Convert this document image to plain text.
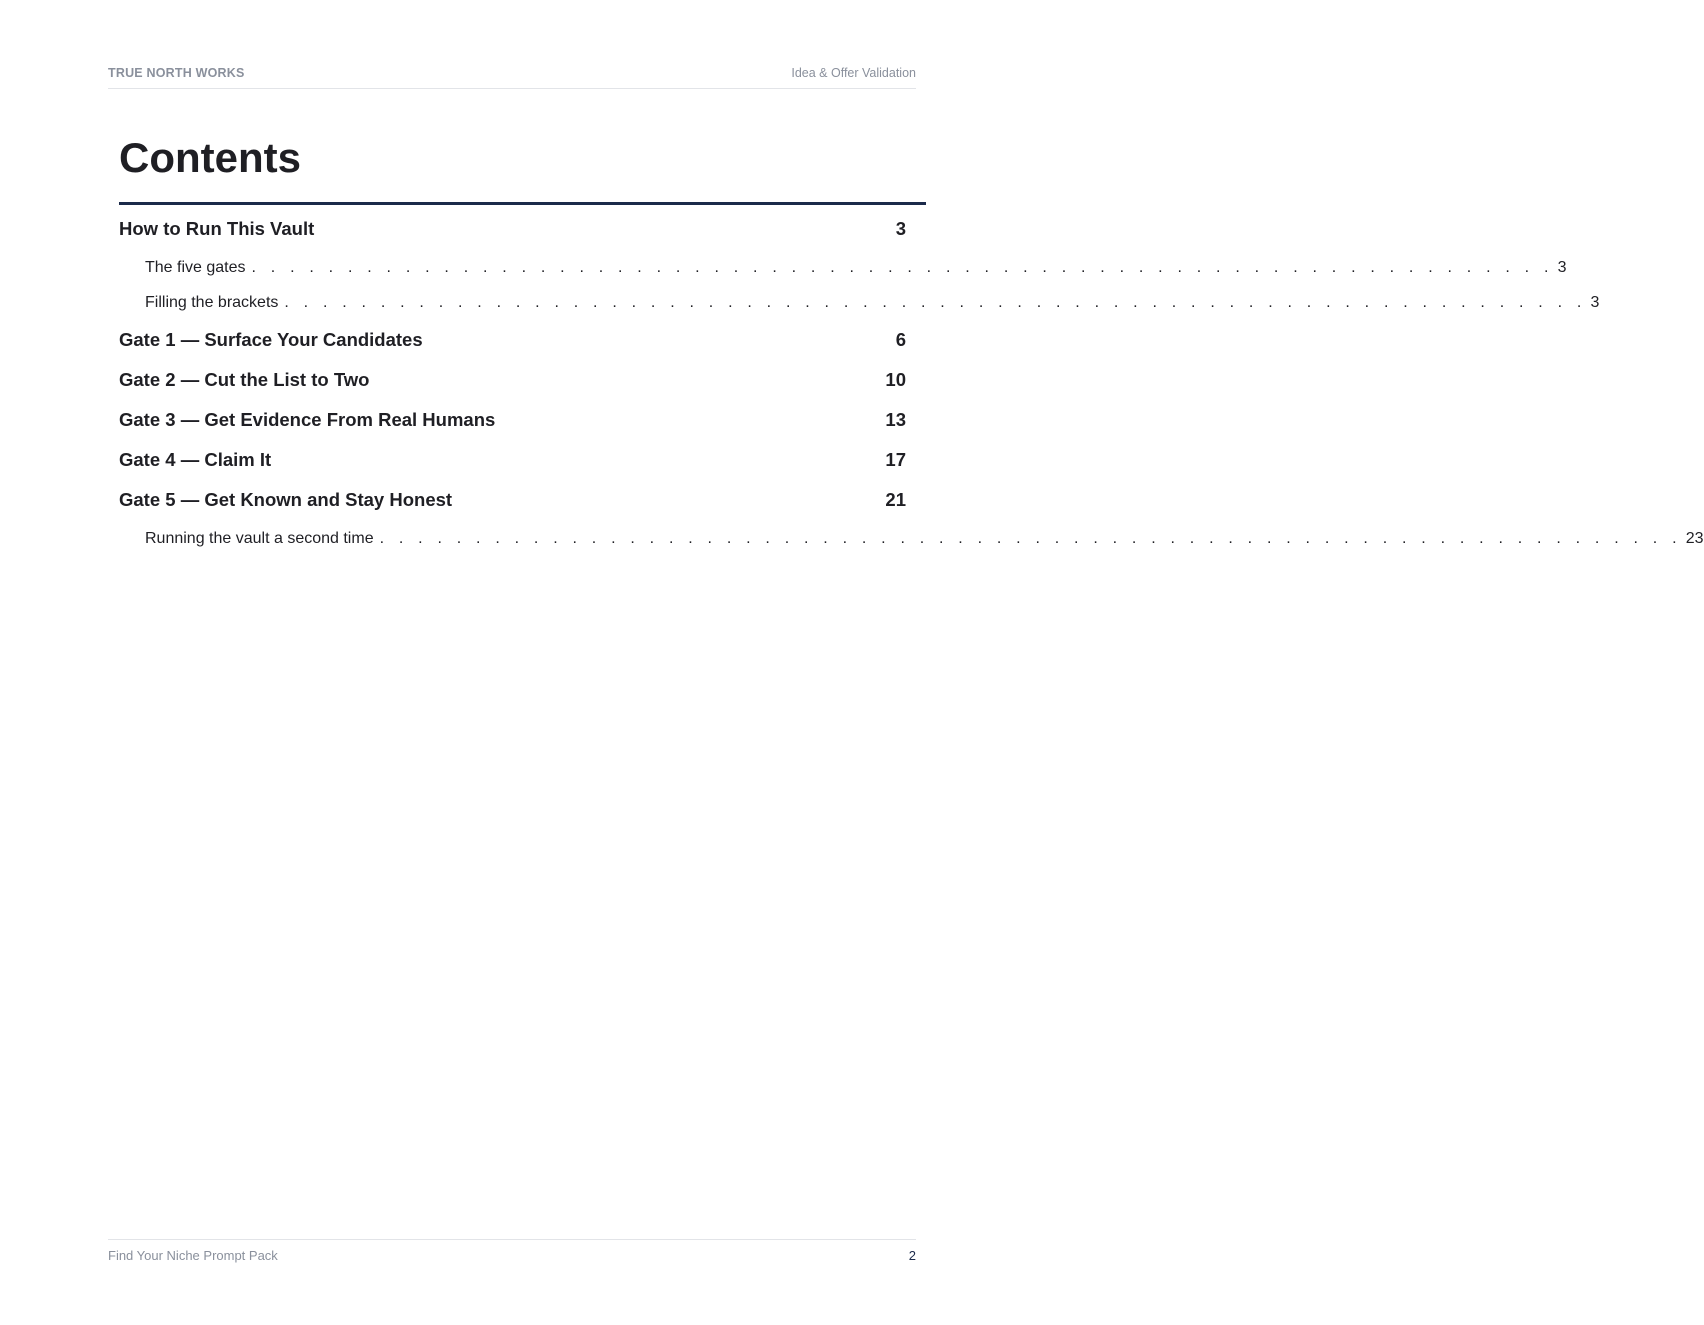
TRUE NORTH WORKS	Idea & Offer Validation
Contents
How to Run This Vault	3
The five gates . . . . . . . . . . . . . . . . . . . . . . . . . . . . . . . . . . . . . . . . . . . . . . . . . . . . . . . . . . . . . . . . . . . . 3
Filling the brackets . . . . . . . . . . . . . . . . . . . . . . . . . . . . . . . . . . . . . . . . . . . . . . . . . . . . . . . . . . . . . . . . . . . . 3
Gate 1 — Surface Your Candidates	6
Gate 2 — Cut the List to Two	10
Gate 3 — Get Evidence From Real Humans	13
Gate 4 — Claim It	17
Gate 5 — Get Known and Stay Honest	21
Running the vault a second time . . . . . . . . . . . . . . . . . . . . . . . . . . . . . . . . . . . . . . . . . . . . . . . . . . . . . . . . . . . . . . . . . . . . 23
Find Your Niche Prompt Pack	2
